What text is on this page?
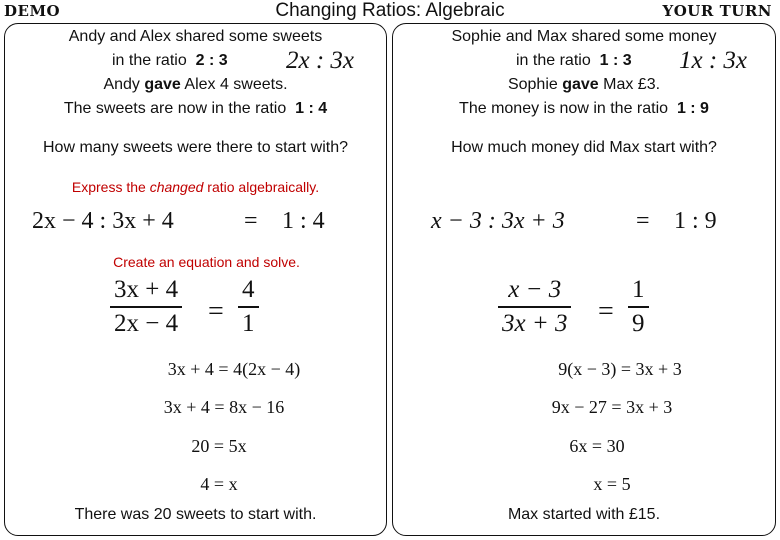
DEMO	Changing Ratios: Algebraic	YOUR TURN
Andy and Alex shared some sweets
in the ratio 2 : 3 2x : 3x
Andy gave Alex 4 sweets.
The sweets are now in the ratio 1 : 4
How many sweets were there to start with?
Express the changed ratio algebraically.
2x − 4 : 3x + 4	= 1 : 4
Create an equation and solve.
3x + 4
2x − 4 =
4
1
3x + 4 = 4(2x − 4)
3x + 4 = 8x − 16
20 = 5x
4 = x
There was 20 sweets to start with.
Sophie and Max shared some money
in the ratio 1 : 3 1x : 3x
Sophie gave Max £3.
The money is now in the ratio 1 : 9
How much money did Max start with?
x − 3 : 3x + 3	= 1 : 9
x − 3
3x + 3 =
1
9
9(x − 3) = 3x + 3
9x − 27 = 3x + 3
6x = 30
x = 5
Max started with £15.
